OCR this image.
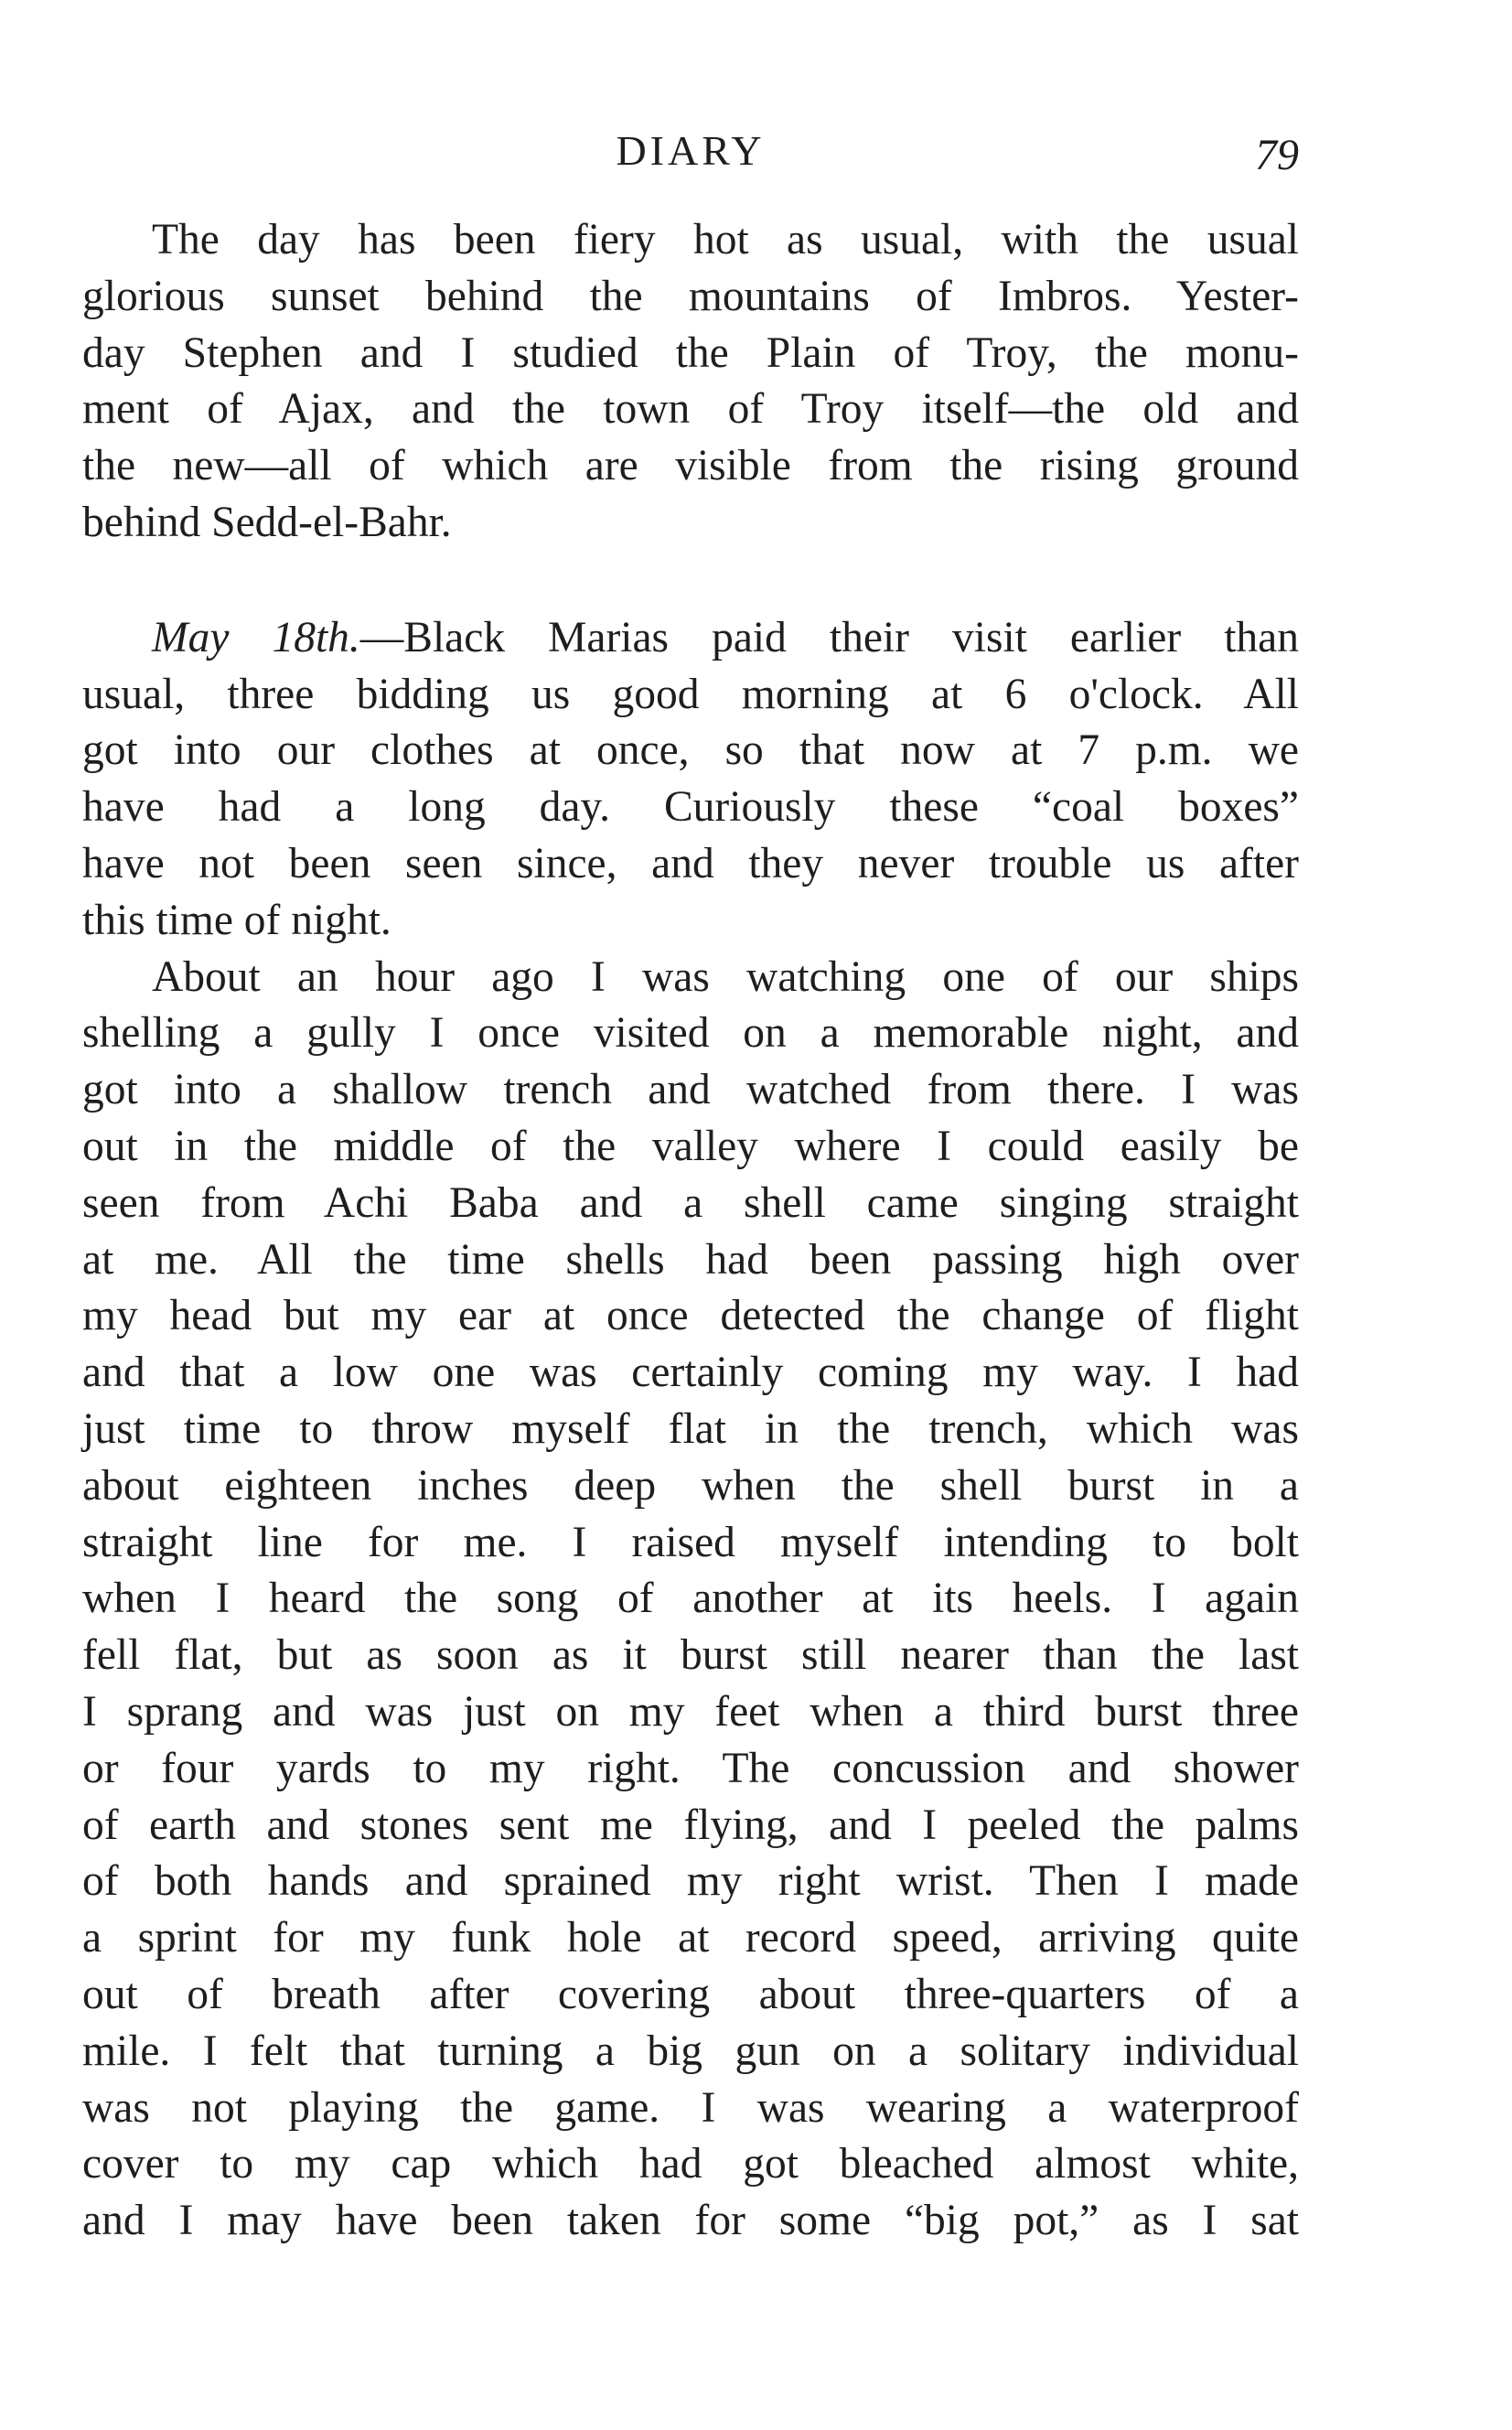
DIARY	79
The day has been fiery hot as usual, with the usual
glorious sunset behind the mountains of Imbros. Yester-
day Stephen and I studied the Plain of Troy, the monu-
ment of Ajax, and the town of Troy itself—the old and
the new—all of which are visible from the rising ground
behind Sedd-el-Bahr.
May 18th.—Black Marias paid their visit earlier than
usual, three bidding us good morning at 6 o'clock. All
got into our clothes at once, so that now at 7 p.m. we
have had a long day. Curiously these “coal boxes”
have not been seen since, and they never trouble us after
this time of night.
About an hour ago I was watching one of our ships
shelling a gully I once visited on a memorable night, and
got into a shallow trench and watched from there. I was
out in the middle of the valley where I could easily be
seen from Achi Baba and a shell came singing straight
at me. All the time shells had been passing high over
my head but my ear at once detected the change of flight
and that a low one was certainly coming my way. I had
just time to throw myself flat in the trench, which was
about eighteen inches deep when the shell burst in a
straight line for me. I raised myself intending to bolt
when I heard the song of another at its heels. I again
fell flat, but as soon as it burst still nearer than the last
I sprang and was just on my feet when a third burst three
or four yards to my right. The concussion and shower
of earth and stones sent me flying, and I peeled the palms
of both hands and sprained my right wrist. Then I made
a sprint for my funk hole at record speed, arriving quite
out of breath after covering about three-quarters of a
mile. I felt that turning a big gun on a solitary individual
was not playing the game. I was wearing a waterproof
cover to my cap which had got bleached almost white,
and I may have been taken for some “big pot,” as I sat
